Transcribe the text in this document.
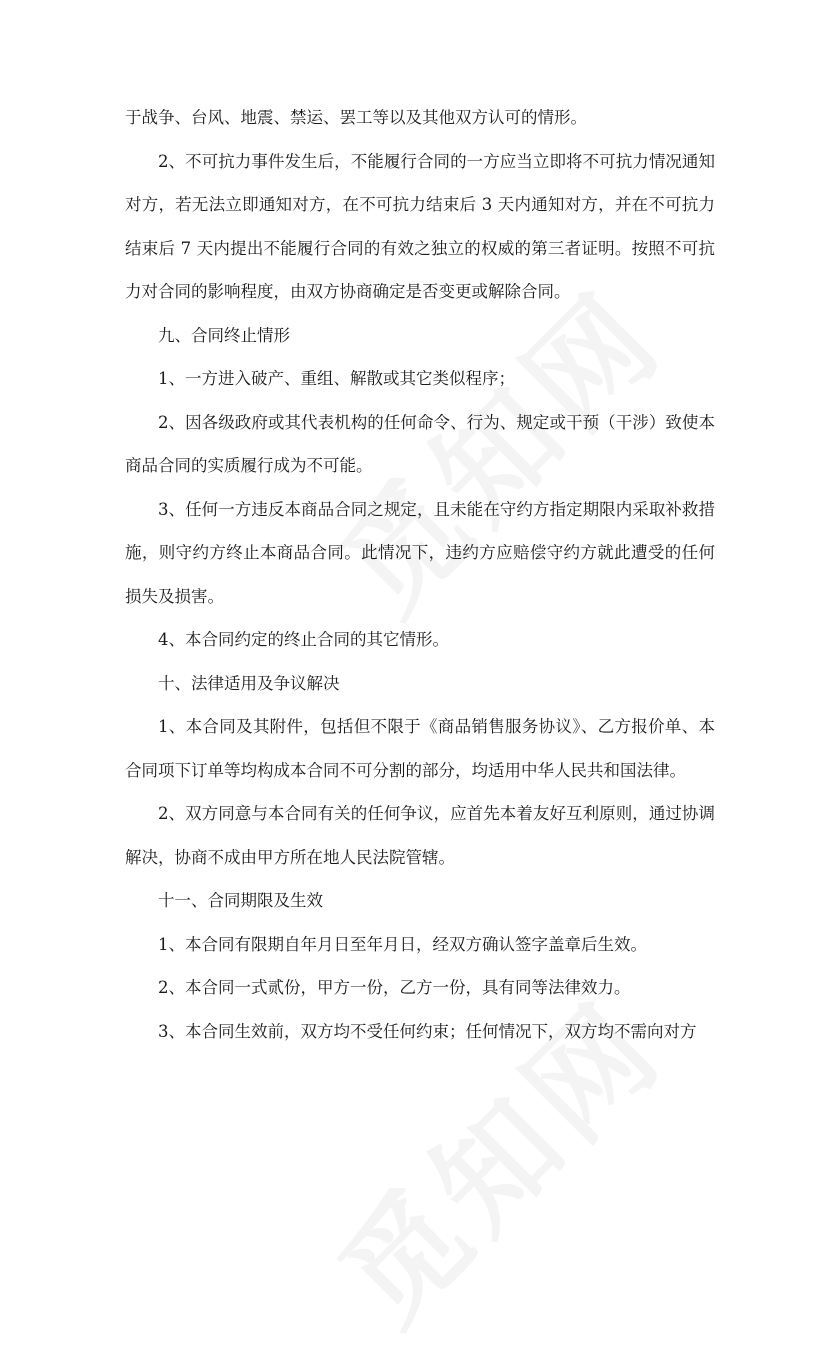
于战争、台风、地震、禁运、罢工等以及其他双方认可的情形。

2、不可抗力事件发生后，不能履行合同的一方应当立即将不可抗力情况通知对方，若无法立即通知对方，在不可抗力结束后 3 天内通知对方，并在不可抗力结束后 7 天内提出不能履行合同的有效之独立的权威的第三者证明。按照不可抗力对合同的影响程度，由双方协商确定是否变更或解除合同。

九、合同终止情形

1、一方进入破产、重组、解散或其它类似程序；

2、因各级政府或其代表机构的任何命令、行为、规定或干预（干涉）致使本商品合同的实质履行成为不可能。

3、任何一方违反本商品合同之规定，且未能在守约方指定期限内采取补救措施，则守约方终止本商品合同。此情况下，违约方应赔偿守约方就此遭受的任何损失及损害。

4、本合同约定的终止合同的其它情形。

十、法律适用及争议解决

1、本合同及其附件，包括但不限于《商品销售服务协议》、乙方报价单、本合同项下订单等均构成本合同不可分割的部分，均适用中华人民共和国法律。

2、双方同意与本合同有关的任何争议，应首先本着友好互利原则，通过协调解决，协商不成由甲方所在地人民法院管辖。

十一、合同期限及生效

1、本合同有限期自年月日至年月日，经双方确认签字盖章后生效。

2、本合同一式贰份，甲方一份，乙方一份，具有同等法律效力。

3、本合同生效前，双方均不受任何约束；任何情况下，双方均不需向对方
